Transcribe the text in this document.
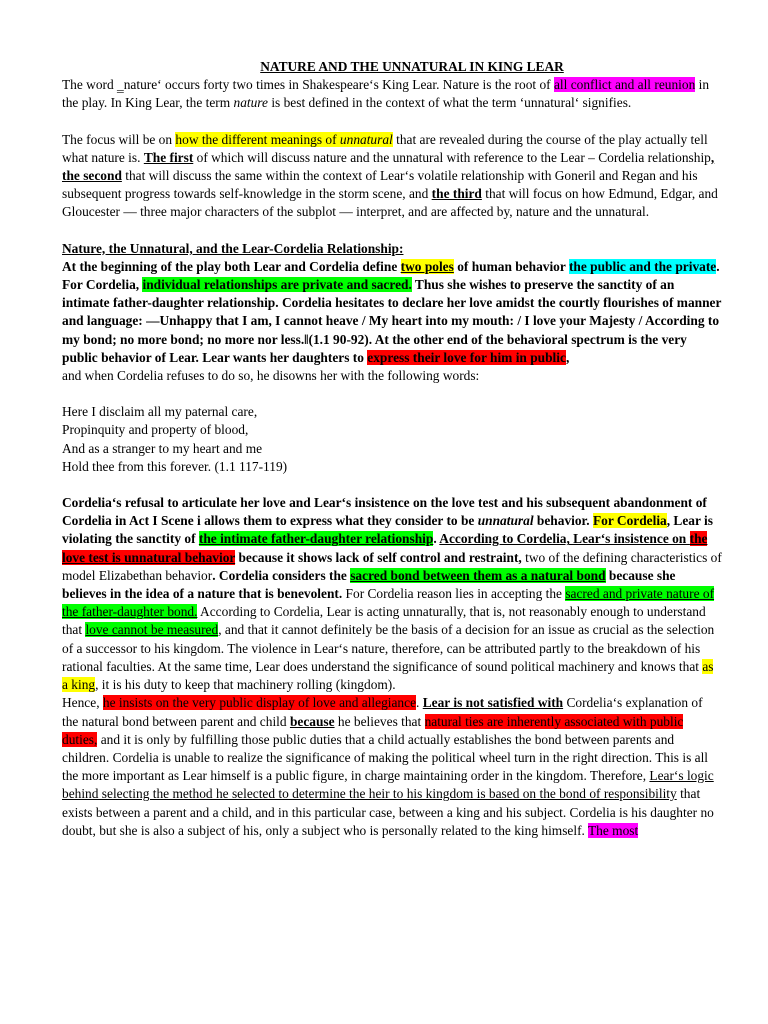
NATURE AND THE UNNATURAL IN KING LEAR

The word ‗nature‘ occurs forty two times in Shakespeare‘s King Lear. Nature is the root of all conflict and all reunion in the play. In King Lear, the term nature is best defined in the context of what the term ‘unnatural‘ signifies.

The focus will be on how the different meanings of unnatural that are revealed during the course of the play actually tell what nature is. The first of which will discuss nature and the unnatural with reference to the Lear – Cordelia relationship, the second that will discuss the same within the context of Lear‘s volatile relationship with Goneril and Regan and his subsequent progress towards self-knowledge in the storm scene, and the third that will focus on how Edmund, Edgar, and Gloucester — three major characters of the subplot — interpret, and are affected by, nature and the unnatural.

Nature, the Unnatural, and the Lear-Cordelia Relationship:

At the beginning of the play both Lear and Cordelia define two poles of human behavior the public and the private. For Cordelia, individual relationships are private and sacred. Thus she wishes to preserve the sanctity of an intimate father-daughter relationship. Cordelia hesitates to declare her love amidst the courtly flourishes of manner and language: —Unhappy that I am, I cannot heave / My heart into my mouth: / I love your Majesty / According to my bond; no more bond; no more nor less.‖(1.1 90-92). At the other end of the behavioral spectrum is the very public behavior of Lear. Lear wants her daughters to express their love for him in public,

and when Cordelia refuses to do so, he disowns her with the following words:

Here I disclaim all my paternal care,

Propinquity and property of blood,

And as a stranger to my heart and me

Hold thee from this forever. (1.1 117-119)

Cordelia‘s refusal to articulate her love and Lear‘s insistence on the love test and his subsequent abandonment of Cordelia in Act I Scene i allows them to express what they consider to be unnatural behavior. For Cordelia, Lear is violating the sanctity of the intimate father-daughter relationship. According to Cordelia, Lear‘s insistence on the love test is unnatural behavior because it shows lack of self control and restraint, two of the defining characteristics of model Elizabethan behavior. Cordelia considers the sacred bond between them as a natural bond because she believes in the idea of a nature that is benevolent. For Cordelia reason lies in accepting the sacred and private nature of the father-daughter bond. According to Cordelia, Lear is acting unnaturally, that is, not reasonably enough to understand that love cannot be measured, and that it cannot definitely be the basis of a decision for an issue as crucial as the selection of a successor to his kingdom. The violence in Lear‘s nature, therefore, can be attributed partly to the breakdown of his rational faculties. At the same time, Lear does understand the significance of sound political machinery and knows that as a king, it is his duty to keep that machinery rolling (kingdom).

Hence, he insists on the very public display of love and allegiance. Lear is not satisfied with Cordelia‘s explanation of the natural bond between parent and child because he believes that natural ties are inherently associated with public duties, and it is only by fulfilling those public duties that a child actually establishes the bond between parents and children. Cordelia is unable to realize the significance of making the political wheel turn in the right direction. This is all the more important as Lear himself is a public figure, in charge maintaining order in the kingdom. Therefore, Lear‘s logic behind selecting the method he selected to determine the heir to his kingdom is based on the bond of responsibility that exists between a parent and a child, and in this particular case, between a king and his subject. Cordelia is his daughter no doubt, but she is also a subject of his, only a subject who is personally related to the king himself. The most
